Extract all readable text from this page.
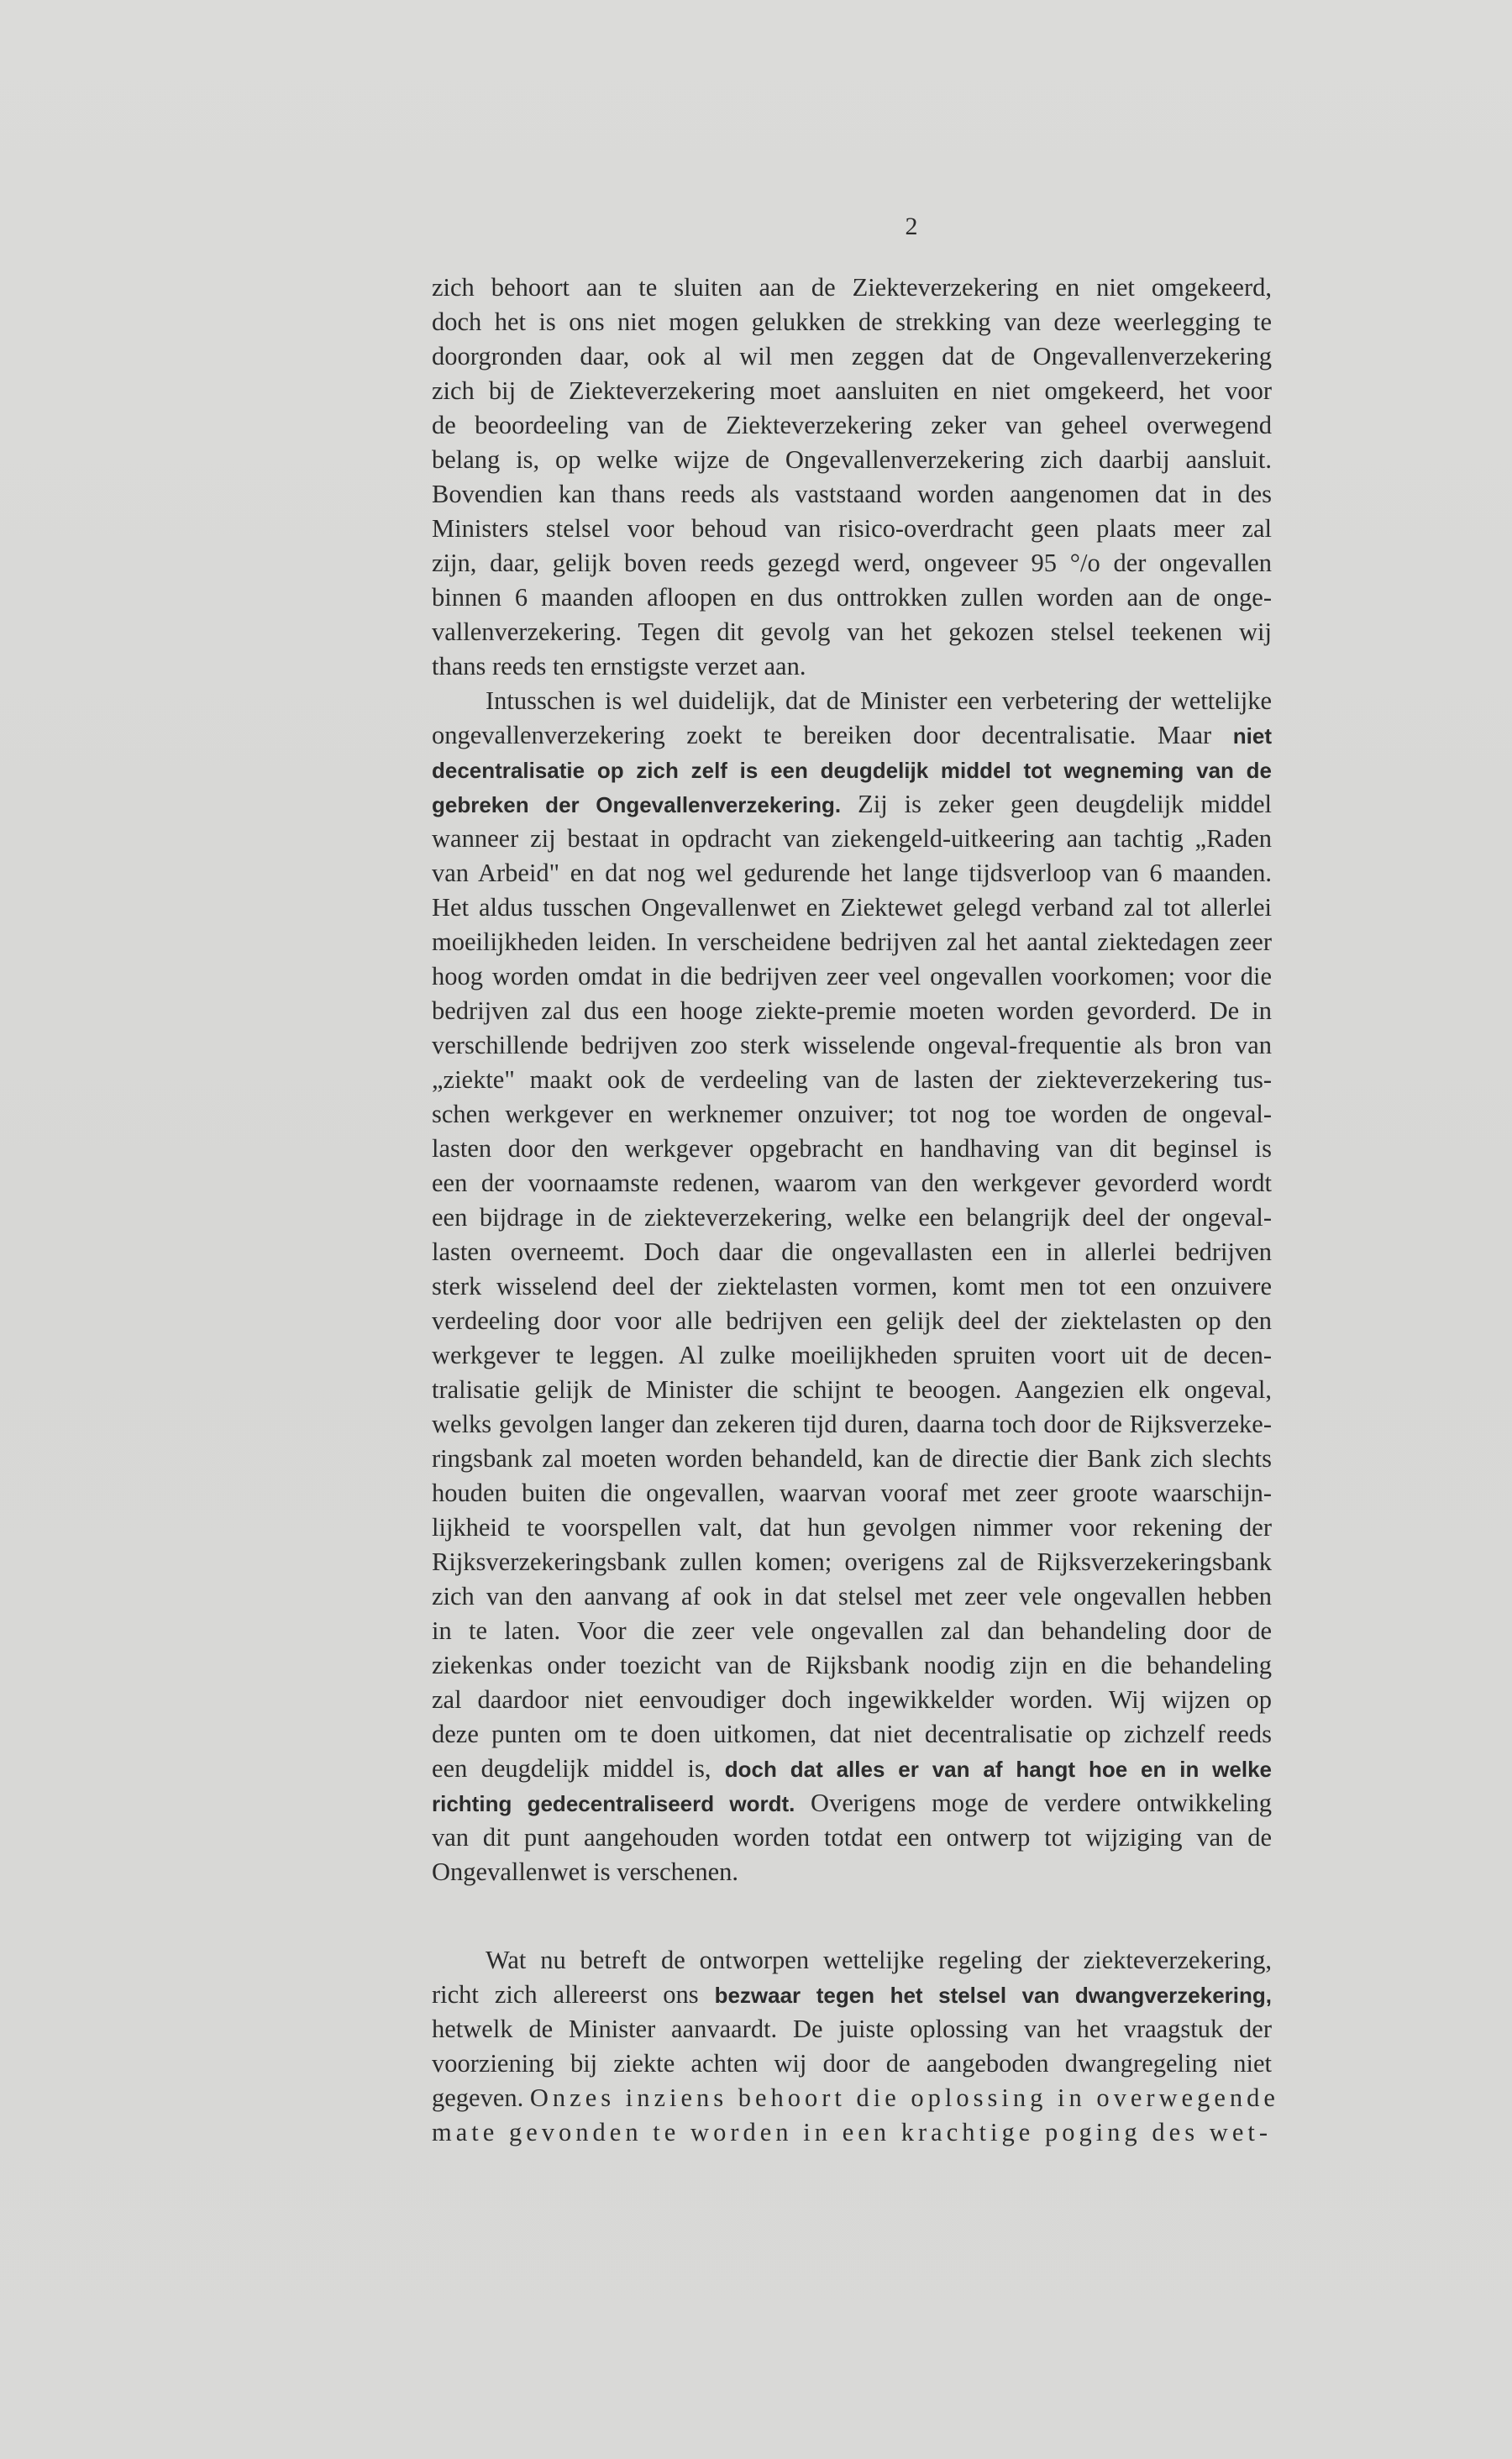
2
zich behoort aan te sluiten aan de Ziekteverzekering en niet omgekeerd,
doch het is ons niet mogen gelukken de strekking van deze weerlegging te
doorgronden daar, ook al wil men zeggen dat de Ongevallenverzekering
zich bij de Ziekteverzekering moet aansluiten en niet omgekeerd, het voor
de beoordeeling van de Ziekteverzekering zeker van geheel overwegend
belang is, op welke wijze de Ongevallenverzekering zich daarbij aansluit.
Bovendien kan thans reeds als vaststaand worden aangenomen dat in des
Ministers stelsel voor behoud van risico-overdracht geen plaats meer zal
zijn, daar, gelijk boven reeds gezegd werd, ongeveer 95 °/o der ongevallen
binnen 6 maanden afloopen en dus onttrokken zullen worden aan de onge-
vallenverzekering. Tegen dit gevolg van het gekozen stelsel teekenen wij
thans reeds ten ernstigste verzet aan.
Intusschen is wel duidelijk, dat de Minister een verbetering der wettelijke
ongevallenverzekering zoekt te bereiken door decentralisatie. Maar niet
decentralisatie op zich zelf is een deugdelijk middel tot wegneming van de
gebreken der Ongevallenverzekering. Zij is zeker geen deugdelijk middel
wanneer zij bestaat in opdracht van ziekengeld-uitkeering aan tachtig „Raden
van Arbeid" en dat nog wel gedurende het lange tijdsverloop van 6 maanden.
Het aldus tusschen Ongevallenwet en Ziektewet gelegd verband zal tot allerlei
moeilijkheden leiden. In verscheidene bedrijven zal het aantal ziektedagen zeer
hoog worden omdat in die bedrijven zeer veel ongevallen voorkomen; voor die
bedrijven zal dus een hooge ziekte-premie moeten worden gevorderd. De in
verschillende bedrijven zoo sterk wisselende ongeval-frequentie als bron van
„ziekte" maakt ook de verdeeling van de lasten der ziekteverzekering tus-
schen werkgever en werknemer onzuiver; tot nog toe worden de ongeval-
lasten door den werkgever opgebracht en handhaving van dit beginsel is
een der voornaamste redenen, waarom van den werkgever gevorderd wordt
een bijdrage in de ziekteverzekering, welke een belangrijk deel der ongeval-
lasten overneemt. Doch daar die ongevallasten een in allerlei bedrijven
sterk wisselend deel der ziektelasten vormen, komt men tot een onzuivere
verdeeling door voor alle bedrijven een gelijk deel der ziektelasten op den
werkgever te leggen. Al zulke moeilijkheden spruiten voort uit de decen-
tralisatie gelijk de Minister die schijnt te beoogen. Aangezien elk ongeval,
welks gevolgen langer dan zekeren tijd duren, daarna toch door de Rijksverzeke-
ringsbank zal moeten worden behandeld, kan de directie dier Bank zich slechts
houden buiten die ongevallen, waarvan vooraf met zeer groote waarschijn-
lijkheid te voorspellen valt, dat hun gevolgen nimmer voor rekening der
Rijksverzekeringsbank zullen komen; overigens zal de Rijksverzekeringsbank
zich van den aanvang af ook in dat stelsel met zeer vele ongevallen hebben
in te laten. Voor die zeer vele ongevallen zal dan behandeling door de
ziekenkas onder toezicht van de Rijksbank noodig zijn en die behandeling
zal daardoor niet eenvoudiger doch ingewikkelder worden. Wij wijzen op
deze punten om te doen uitkomen, dat niet decentralisatie op zichzelf reeds
een deugdelijk middel is, doch dat alles er van af hangt hoe en in welke
richting gedecentraliseerd wordt. Overigens moge de verdere ontwikkeling
van dit punt aangehouden worden totdat een ontwerp tot wijziging van de
Ongevallenwet is verschenen.
Wat nu betreft de ontworpen wettelijke regeling der ziekteverzekering,
richt zich allereerst ons bezwaar tegen het stelsel van dwangverzekering,
hetwelk de Minister aanvaardt. De juiste oplossing van het vraagstuk der
voorziening bij ziekte achten wij door de aangeboden dwangregeling niet
gegeven. Onzes inziens behoort die oplossing in overwegende
mate gevonden te worden in een krachtige poging des wet-
